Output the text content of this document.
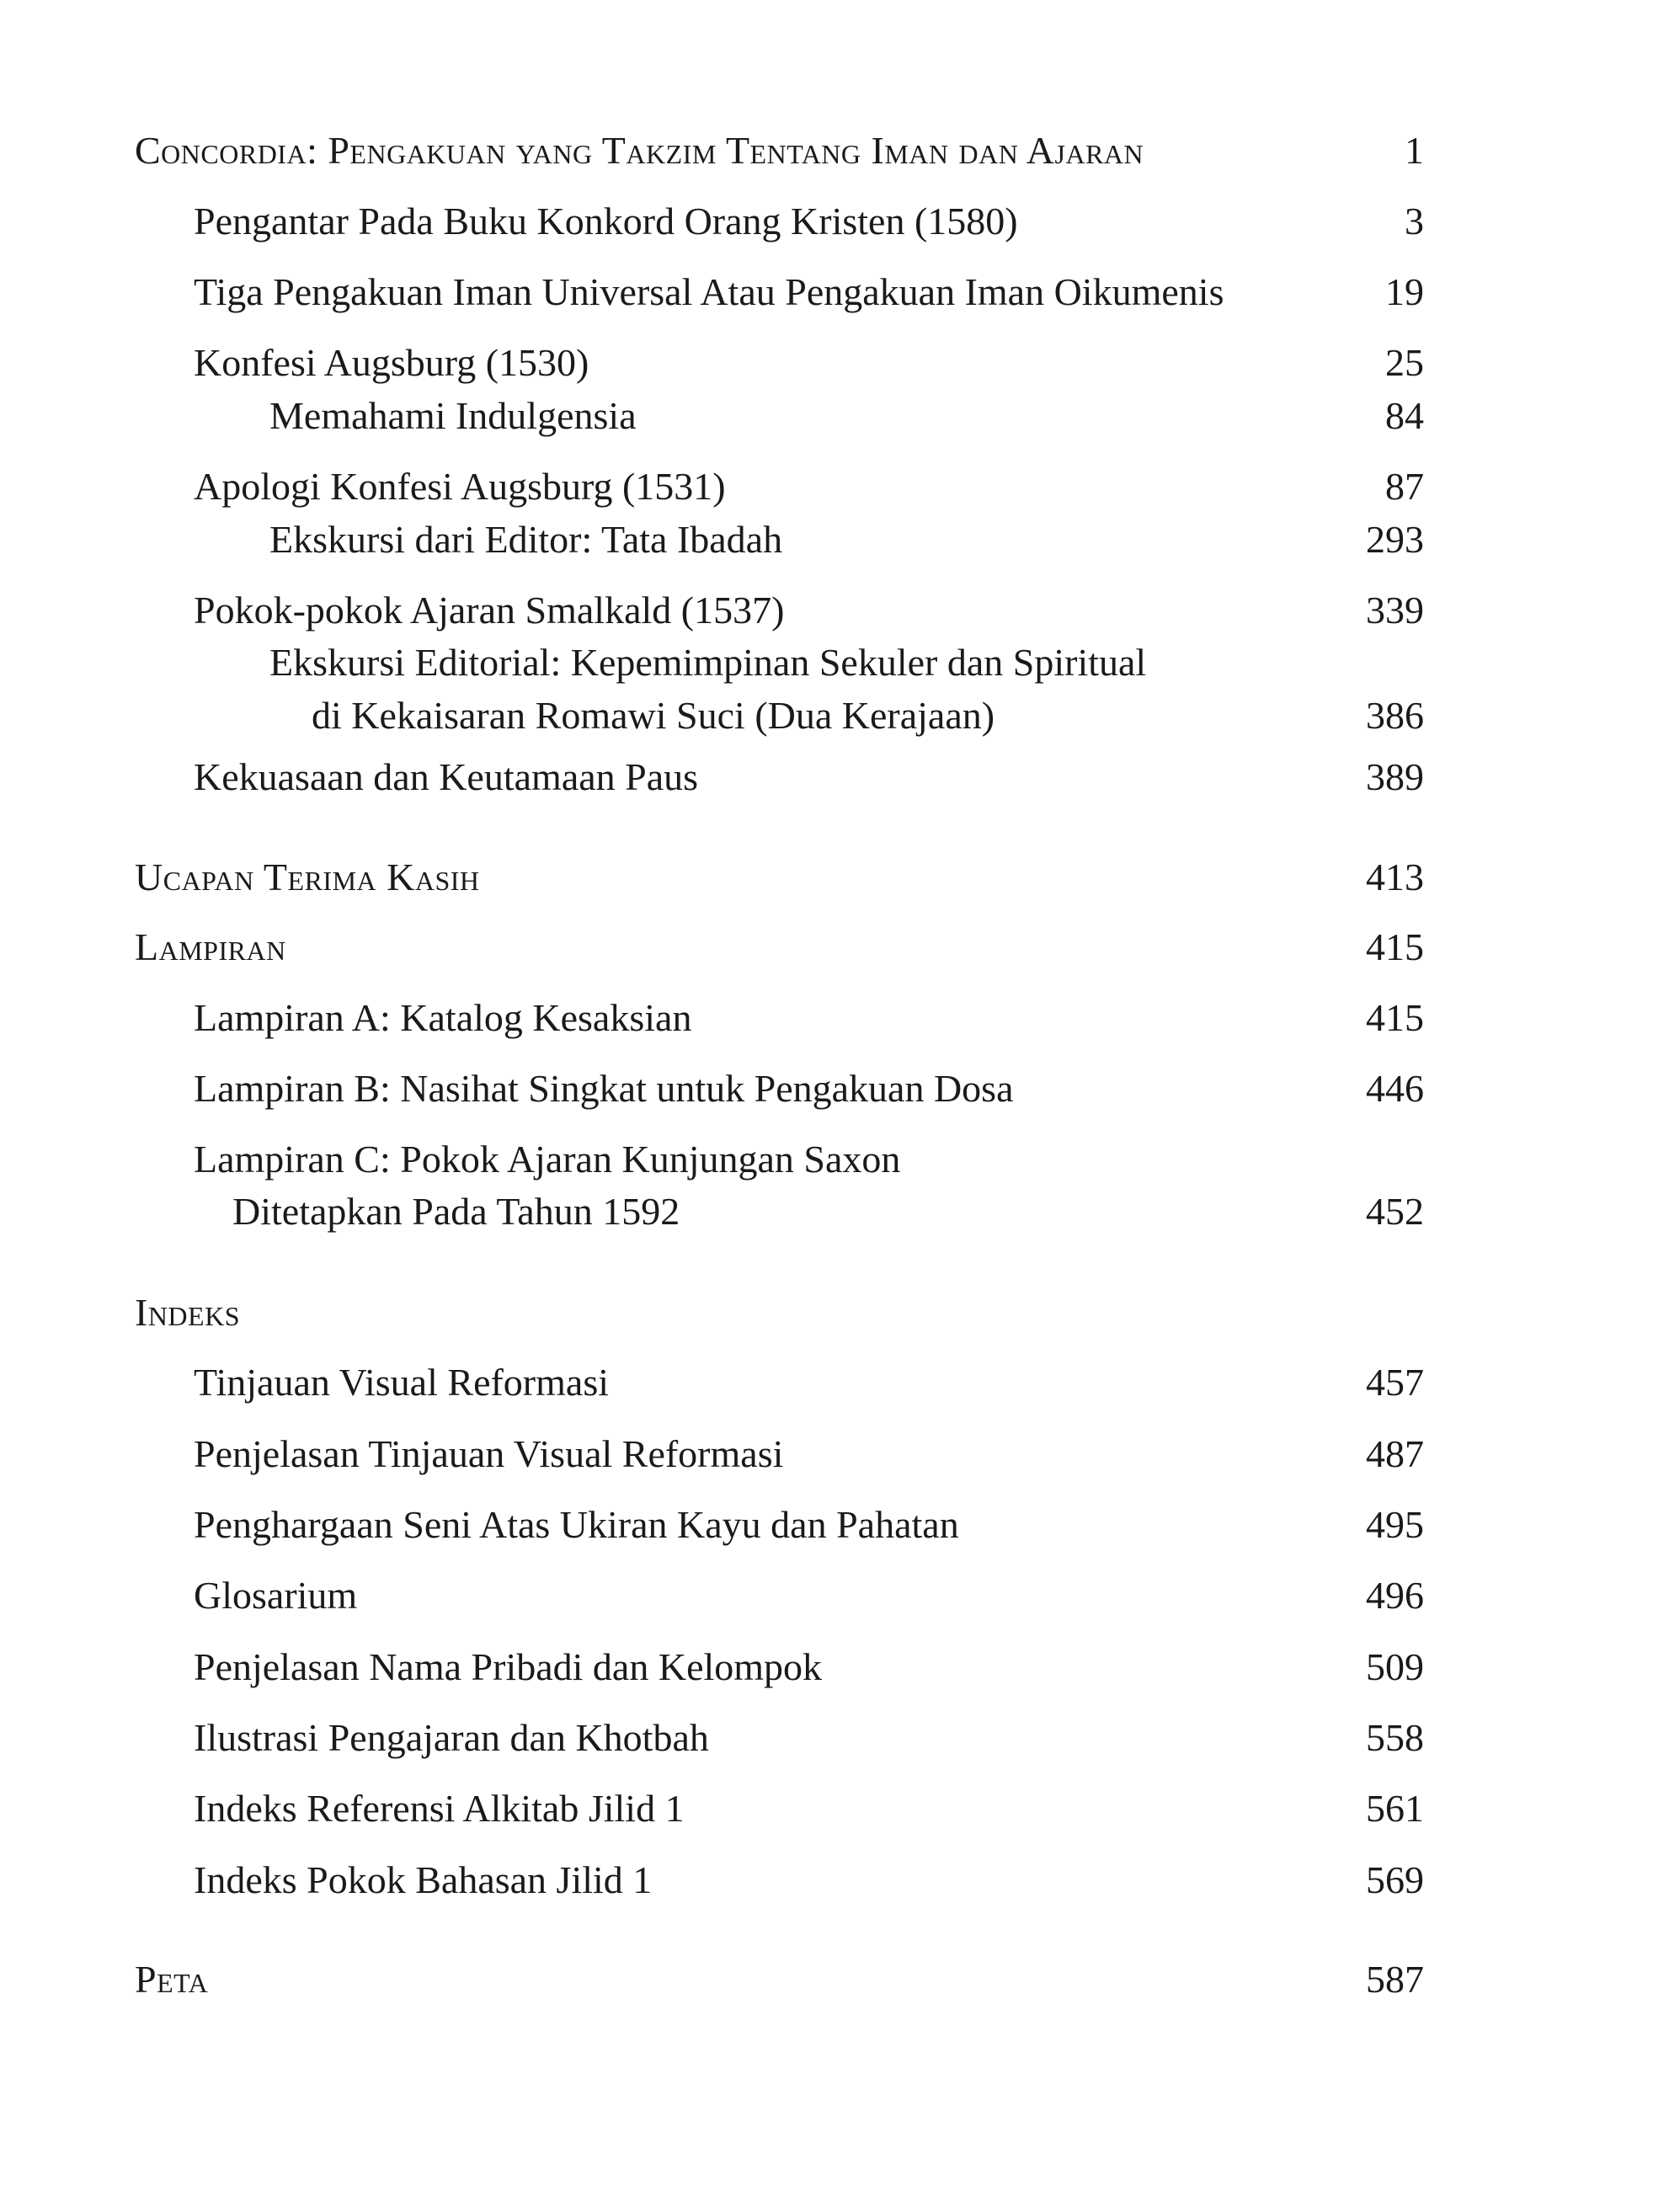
Concordia: Pengakuan yang Takzim Tentang Iman dan Ajaran	1
Pengantar Pada Buku Konkord Orang Kristen (1580)	3
Tiga Pengakuan Iman Universal Atau Pengakuan Iman Oikumenis	19
Konfesi Augsburg (1530)	25
Memahami Indulgensia	84
Apologi Konfesi Augsburg (1531)	87
Ekskursi dari Editor: Tata Ibadah	293
Pokok-pokok Ajaran Smalkald (1537)	339
Ekskursi Editorial: Kepemimpinan Sekuler dan Spiritual
di Kekaisaran Romawi Suci (Dua Kerajaan)	386
Kekuasaan dan Keutamaan Paus	389
Ucapan Terima Kasih	413
Lampiran	415
Lampiran A: Katalog Kesaksian	415
Lampiran B: Nasihat Singkat untuk Pengakuan Dosa	446
Lampiran C: Pokok Ajaran Kunjungan Saxon
Ditetapkan Pada Tahun 1592	452
Indeks
Tinjauan Visual Reformasi	457
Penjelasan Tinjauan Visual Reformasi	487
Penghargaan Seni Atas Ukiran Kayu dan Pahatan	495
Glosarium	496
Penjelasan Nama Pribadi dan Kelompok	509
Ilustrasi Pengajaran dan Khotbah	558
Indeks Referensi Alkitab Jilid 1	561
Indeks Pokok Bahasan Jilid 1	569
Peta	587
